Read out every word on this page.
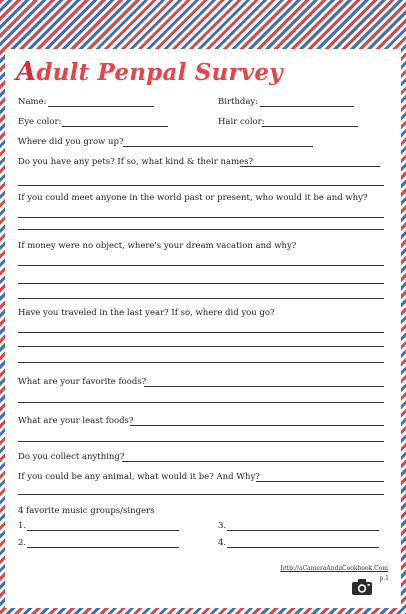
Adult Penpal Survey
Name:	Birthday:
Eye color:	Hair color:
Where did you grow up?
Do you have any pets? If so, what kind & their names?
If you could meet anyone in the world past or present, who would it be and why?
If money were no object, where's your dream vacation and why?
Have you traveled in the last year? If so, where did you go?
What are your favorite foods?
What are your least foods?
Do you collect anything?
If you could be any animal, what would it be? And Why?
4 favorite music groups/singers
1.	3.
2.	4.
http://aCameraAndaCookbook.Com
p.1
